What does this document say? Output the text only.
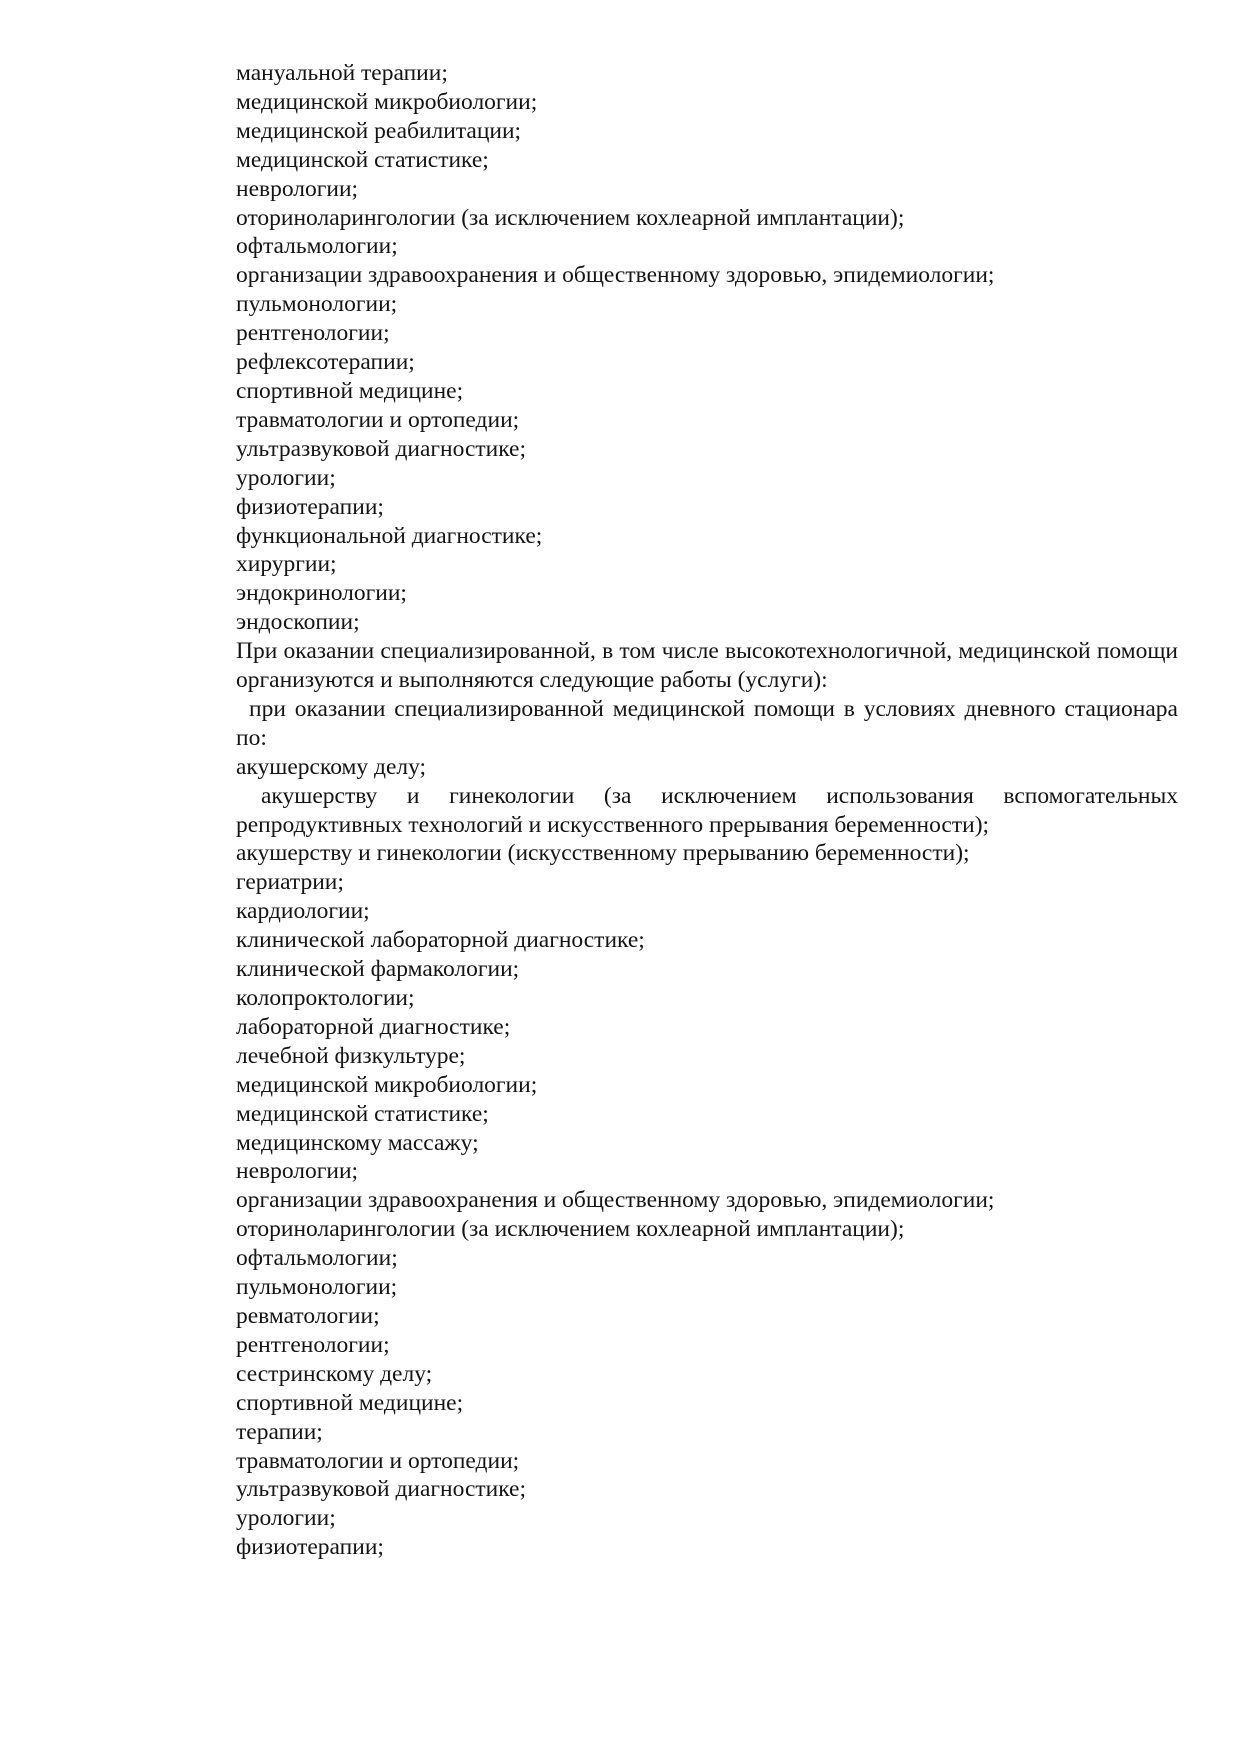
мануальной терапии;

медицинской микробиологии;

медицинской реабилитации;

медицинской статистике;

неврологии;

оториноларингологии (за исключением кохлеарной имплантации);

офтальмологии;

организации здравоохранения и общественному здоровью, эпидемиологии;

пульмонологии;

рентгенологии;

рефлексотерапии;

спортивной медицине;

травматологии и ортопедии;

ультразвуковой диагностике;

урологии;

физиотерапии;

функциональной диагностике;

хирургии;

эндокринологии;

эндоскопии;

При оказании специализированной, в том числе высокотехнологичной, медицинской помощи организуются и выполняются следующие работы (услуги):

при оказании специализированной медицинской помощи в условиях дневного стационара по:

акушерскому делу;

акушерству и гинекологии (за исключением использования вспомогательных репродуктивных технологий и искусственного прерывания беременности);

акушерству и гинекологии (искусственному прерыванию беременности);

гериатрии;

кардиологии;

клинической лабораторной диагностике;

клинической фармакологии;

колопроктологии;

лабораторной диагностике;

лечебной физкультуре;

медицинской микробиологии;

медицинской статистике;

медицинскому массажу;

неврологии;

организации здравоохранения и общественному здоровью, эпидемиологии;

оториноларингологии (за исключением кохлеарной имплантации);

офтальмологии;

пульмонологии;

ревматологии;

рентгенологии;

сестринскому делу;

спортивной медицине;

терапии;

травматологии и ортопедии;

ультразвуковой диагностике;

урологии;

физиотерапии;
